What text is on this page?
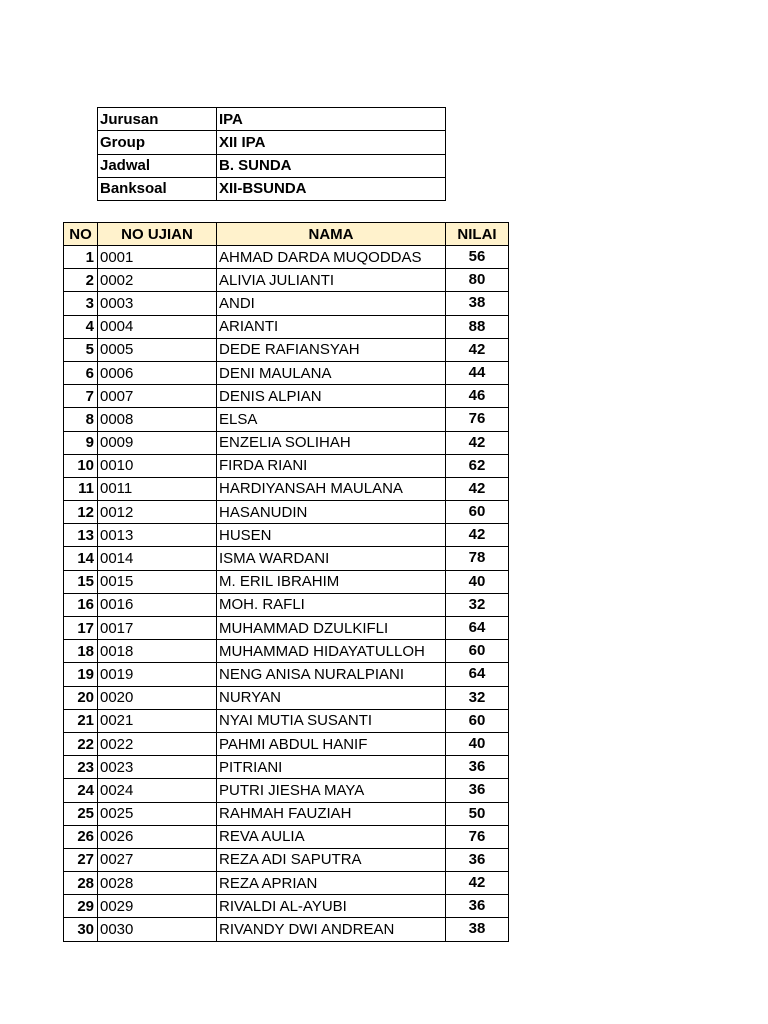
Jurusan	IPA
Group	XII IPA
Jadwal	B. SUNDA
Banksoal	XII-BSUNDA
NO	NO UJIAN	NAMA	NILAI
1	0001	AHMAD DARDA MUQODDAS	56
2	0002	ALIVIA JULIANTI	80
3	0003	ANDI	38
4	0004	ARIANTI	88
5	0005	DEDE RAFIANSYAH	42
6	0006	DENI MAULANA	44
7	0007	DENIS ALPIAN	46
8	0008	ELSA	76
9	0009	ENZELIA SOLIHAH	42
10	0010	FIRDA RIANI	62
11	0011	HARDIYANSAH MAULANA	42
12	0012	HASANUDIN	60
13	0013	HUSEN	42
14	0014	ISMA WARDANI	78
15	0015	M. ERIL IBRAHIM	40
16	0016	MOH. RAFLI	32
17	0017	MUHAMMAD DZULKIFLI	64
18	0018	MUHAMMAD HIDAYATULLOH	60
19	0019	NENG ANISA NURALPIANI	64
20	0020	NURYAN	32
21	0021	NYAI MUTIA SUSANTI	60
22	0022	PAHMI ABDUL HANIF	40
23	0023	PITRIANI	36
24	0024	PUTRI JIESHA MAYA	36
25	0025	RAHMAH FAUZIAH	50
26	0026	REVA AULIA	76
27	0027	REZA ADI SAPUTRA	36
28	0028	REZA APRIAN	42
29	0029	RIVALDI AL-AYUBI	36
30	0030	RIVANDY DWI ANDREAN	38
